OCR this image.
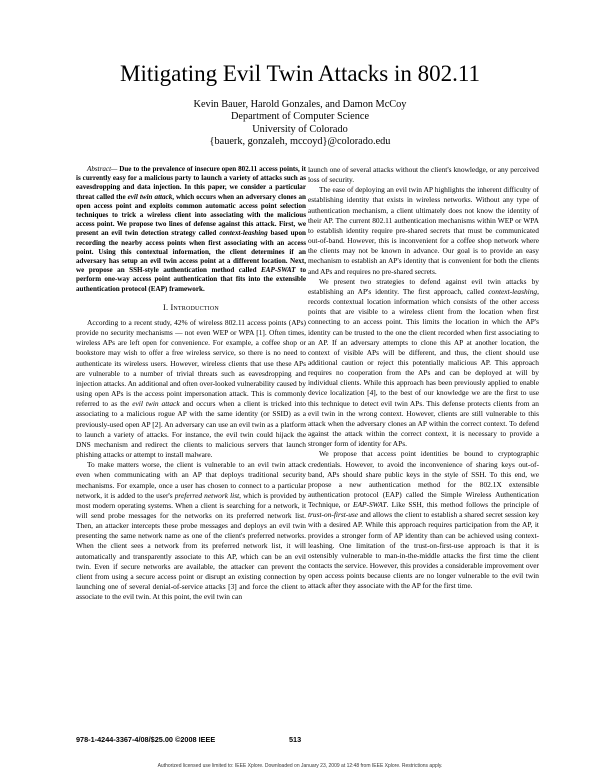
Mitigating Evil Twin Attacks in 802.11
Kevin Bauer, Harold Gonzales, and Damon McCoy
Department of Computer Science
University of Colorado
{bauerk, gonzaleh, mccoyd}@colorado.edu

Abstract— Due to the prevalence of insecure open 802.11 access points, it is currently easy for a malicious party to launch a variety of attacks such as eavesdropping and data injection. In this paper, we consider a particular threat called the evil twin attack, which occurs when an adversary clones an open access point and exploits common automatic access point selection techniques to trick a wireless client into associating with the malicious access point. We propose two lines of defense against this attack. First, we present an evil twin detection strategy called context-leashing based upon recording the nearby access points when first associating with an access point. Using this contextual information, the client determines if an adversary has setup an evil twin access point at a different location. Next, we propose an SSH-style authentication method called EAP-SWAT to perform one-way access point authentication that fits into the extensible authentication protocol (EAP) framework.

I. Introduction

According to a recent study, 42% of wireless 802.11 access points (APs) provide no security mechanisms — not even WEP or WPA [1]. Often times, wireless APs are left open for convenience. For example, a coffee shop or bookstore may wish to offer a free wireless service, so there is no need to authenticate its wireless users. However, wireless clients that use these APs are vulnerable to a number of trivial threats such as eavesdropping and injection attacks. An additional and often over-looked vulnerability caused by using open APs is the access point impersonation attack. This is commonly referred to as the evil twin attack and occurs when a client is tricked into associating to a malicious rogue AP with the same identity (or SSID) as a previously-used open AP [2]. An adversary can use an evil twin as a platform to launch a variety of attacks. For instance, the evil twin could hijack the DNS mechanism and redirect the clients to malicious servers that launch phishing attacks or attempt to install malware.

To make matters worse, the client is vulnerable to an evil twin attack even when communicating with an AP that deploys traditional security mechanisms. For example, once a user has chosen to connect to a particular network, it is added to the user's preferred network list, which is provided by most modern operating systems. When a client is searching for a network, it will send probe messages for the networks on its preferred network list. Then, an attacker intercepts these probe messages and deploys an evil twin presenting the same network name as one of the client's preferred networks. When the client sees a network from its preferred network list, it will automatically and transparently associate to this AP, which can be an evil twin. Even if secure networks are available, the attacker can prevent the client from using a secure access point or disrupt an existing connection by launching one of several denial-of-service attacks [3] and force the client to associate to the evil twin. At this point, the evil twin can

launch one of several attacks without the client's knowledge, or any perceived loss of security.

The ease of deploying an evil twin AP highlights the inherent difficulty of establishing identity that exists in wireless networks. Without any type of authentication mechanism, a client ultimately does not know the identity of their AP. The current 802.11 authentication mechanisms within WEP or WPA to establish identity require pre-shared secrets that must be communicated out-of-band. However, this is inconvenient for a coffee shop network where the clients may not be known in advance. Our goal is to provide an easy mechanism to establish an AP's identity that is convenient for both the clients and APs and requires no pre-shared secrets.

We present two strategies to defend against evil twin attacks by establishing an AP's identity. The first approach, called context-leashing, records contextual location information which consists of the other access points that are visible to a wireless client from the location when first connecting to an access point. This limits the location in which the AP's identity can be trusted to the one the client recorded when first associating to an AP. If an adversary attempts to clone this AP at another location, the context of visible APs will be different, and thus, the client should use additional caution or reject this potentially malicious AP. This approach requires no cooperation from the APs and can be deployed at will by individual clients. While this approach has been previously applied to enable device localization [4], to the best of our knowledge we are the first to use this technique to detect evil twin APs. This defense protects clients from an evil twin in the wrong context. However, clients are still vulnerable to this attack when the adversary clones an AP within the correct context. To defend against the attack within the correct context, it is necessary to provide a stronger form of identity for APs.

We propose that access point identities be bound to cryptographic credentials. However, to avoid the inconvenience of sharing keys out-of-band, APs should share public keys in the style of SSH. To this end, we propose a new authentication method for the 802.1X extensible authentication protocol (EAP) called the Simple Wireless Authentication Technique, or EAP-SWAT. Like SSH, this method follows the principle of trust-on-first-use and allows the client to establish a shared secret session key with a desired AP. While this approach requires participation from the AP, it provides a stronger form of AP identity than can be achieved using context-leashing. One limitation of the trust-on-first-use approach is that it is ostensibly vulnerable to man-in-the-middle attacks the first time the client contacts the service. However, this provides a considerable improvement over open access points because clients are no longer vulnerable to the evil twin attack after they associate with the AP for the first time.

978-1-4244-3367-4/08/$25.00 ©2008 IEEE	513
Authorized licensed use limited to: IEEE Xplore. Downloaded on January 23, 2009 at 12:48 from IEEE Xplore. Restrictions apply.
